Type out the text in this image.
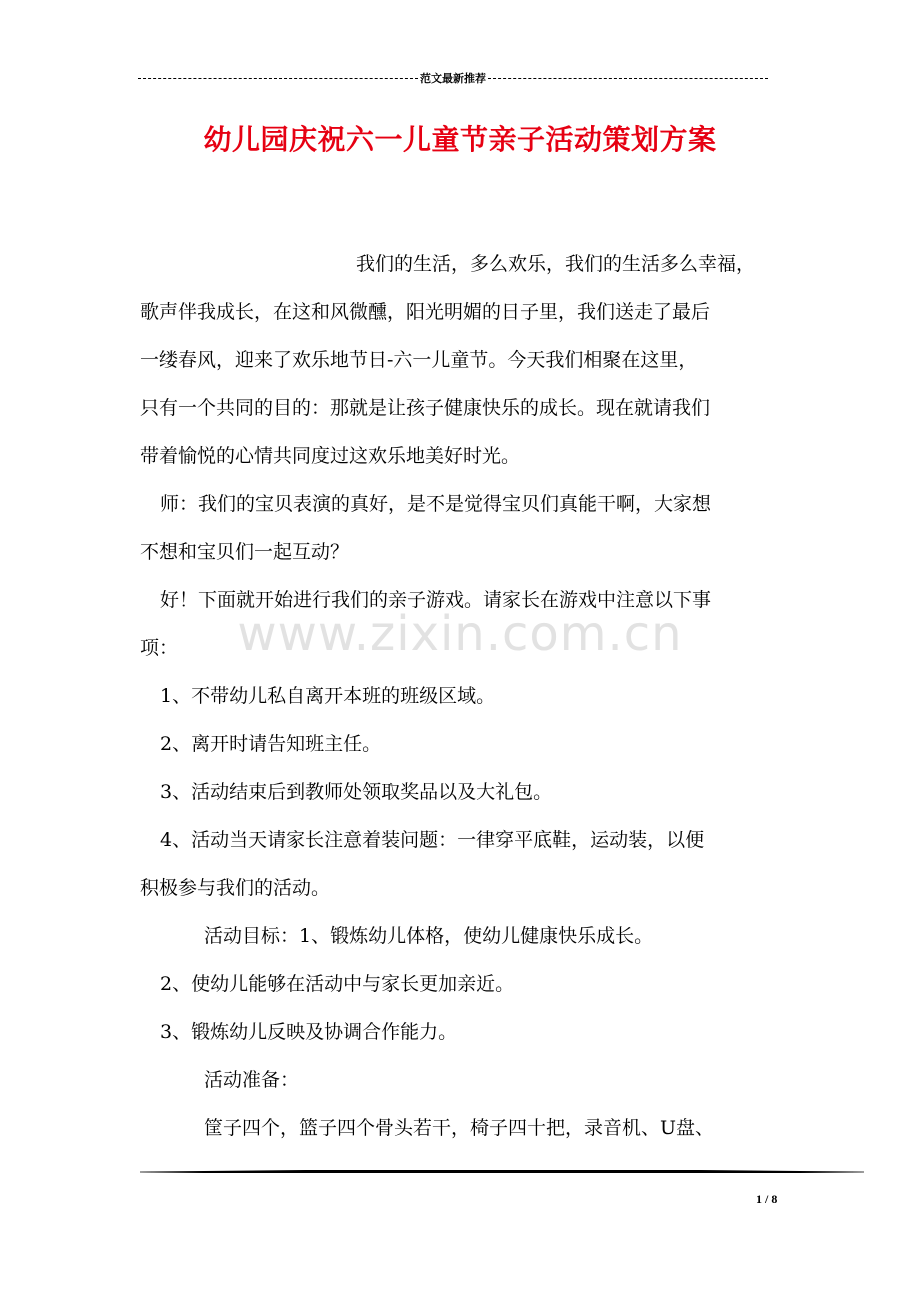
范文最新推荐
幼儿园庆祝六一儿童节亲子活动策划方案

我们的生活，多么欢乐，我们的生活多么幸福，
歌声伴我成长，在这和风微醺，阳光明媚的日子里，我们送走了最后
一缕春风，迎来了欢乐地节日-六一儿童节。今天我们相聚在这里，
只有一个共同的目的：那就是让孩子健康快乐的成长。现在就请我们
带着愉悦的心情共同度过这欢乐地美好时光。

师：我们的宝贝表演的真好，是不是觉得宝贝们真能干啊，大家想
不想和宝贝们一起互动？

好！下面就开始进行我们的亲子游戏。请家长在游戏中注意以下事
项：

1、不带幼儿私自离开本班的班级区域。

2、离开时请告知班主任。

3、活动结束后到教师处领取奖品以及大礼包。

4、活动当天请家长注意着装问题：一律穿平底鞋，运动装，以便
积极参与我们的活动。

活动目标：1、锻炼幼儿体格，使幼儿健康快乐成长。

2、使幼儿能够在活动中与家长更加亲近。

3、锻炼幼儿反映及协调合作能力。

活动准备：

筐子四个，篮子四个骨头若干，椅子四十把，录音机、U盘、

www.zixin.com.cn
1 / 8
